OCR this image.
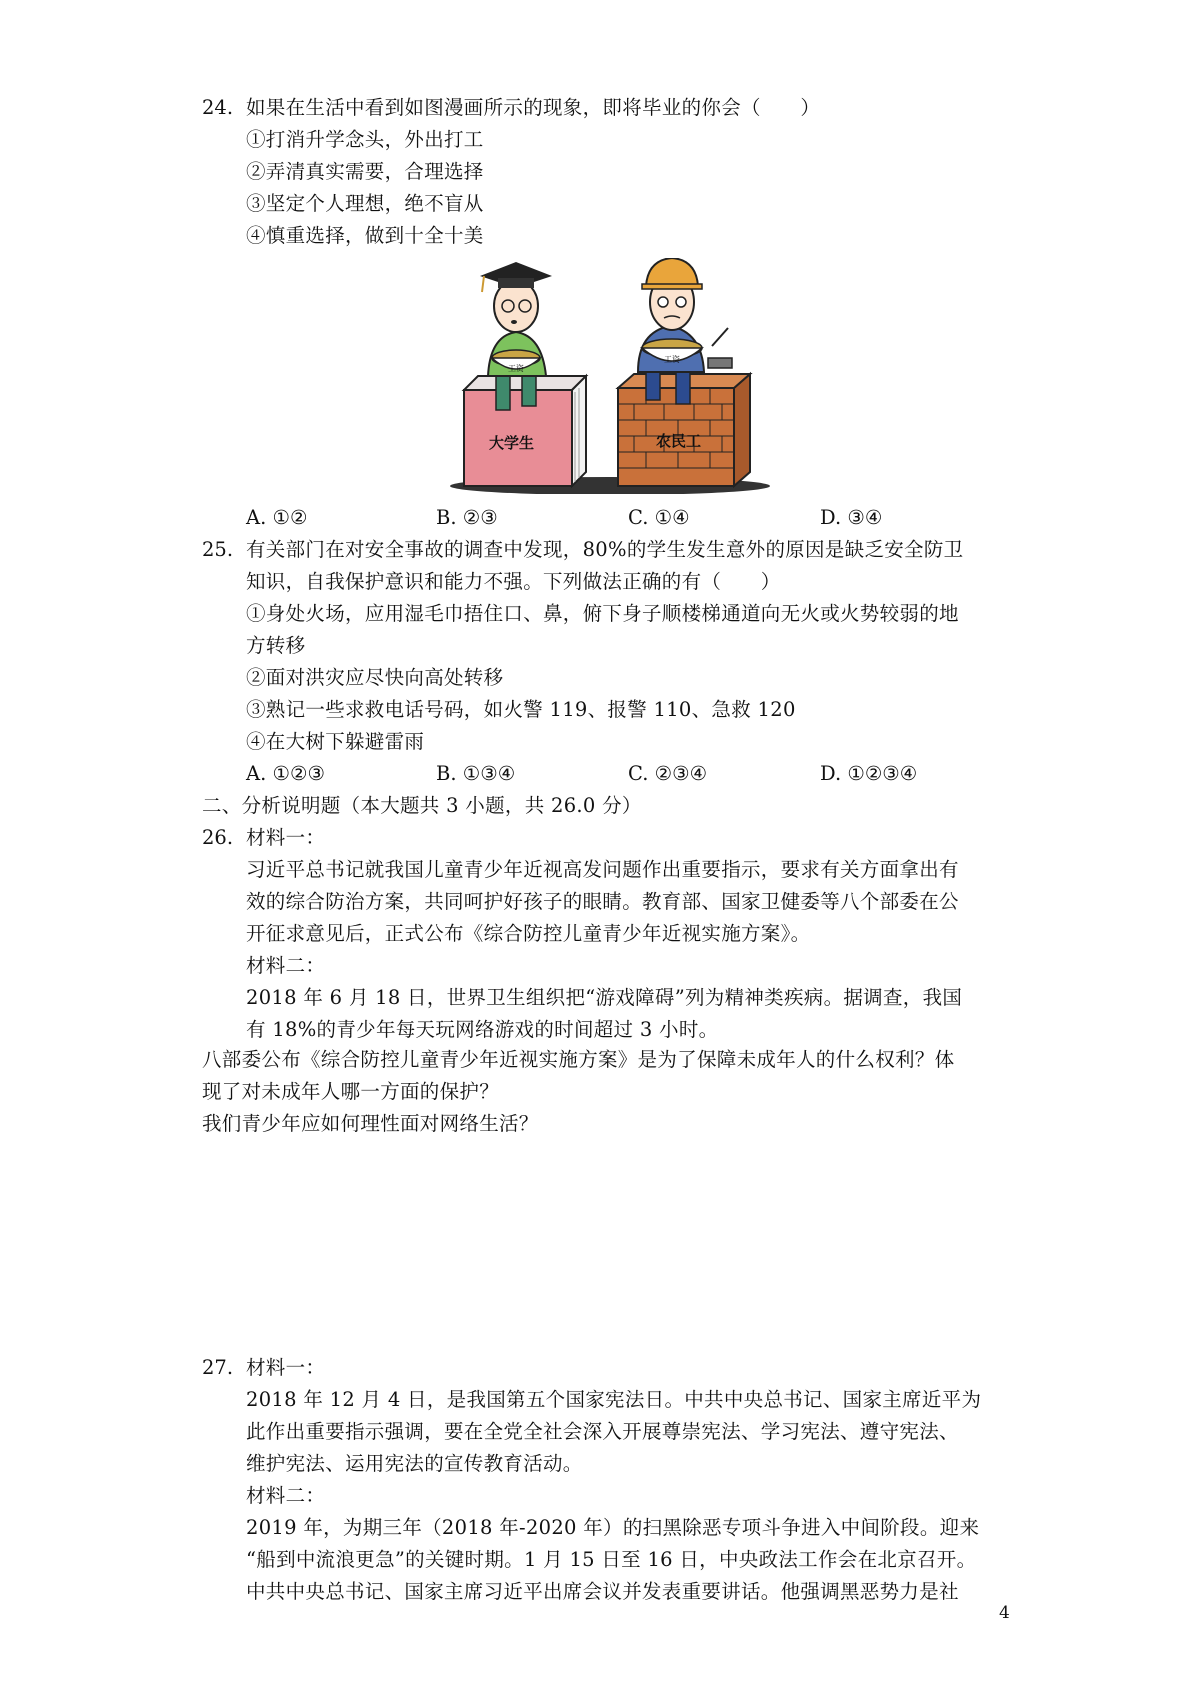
24. 如果在生活中看到如图漫画所示的现象，即将毕业的你会（　　）
①打消升学念头，外出打工
②弄清真实需要，合理选择
③坚定个人理想，绝不盲从
④慎重选择，做到十全十美
工资
大学生
工资
农民工
A. ①②	B. ②③	C. ①④	D. ③④
25. 有关部门在对安全事故的调查中发现，80%的学生发生意外的原因是缺乏安全防卫
知识，自我保护意识和能力不强。下列做法正确的有（　　）
①身处火场，应用湿毛巾捂住口、鼻，俯下身子顺楼梯通道向无火或火势较弱的地
方转移
②面对洪灾应尽快向高处转移
③熟记一些求救电话号码，如火警 119、报警 110、急救 120
④在大树下躲避雷雨
A. ①②③	B. ①③④	C. ②③④	D. ①②③④
二、分析说明题（本大题共 3 小题，共 26.0 分）
26. 材料一：
习近平总书记就我国儿童青少年近视高发问题作出重要指示，要求有关方面拿出有
效的综合防治方案，共同呵护好孩子的眼睛。教育部、国家卫健委等八个部委在公
开征求意见后，正式公布《综合防控儿童青少年近视实施方案》。
材料二：
2018 年 6 月 18 日，世界卫生组织把“游戏障碍”列为精神类疾病。据调查，我国
有 18%的青少年每天玩网络游戏的时间超过 3 小时。
八部委公布《综合防控儿童青少年近视实施方案》是为了保障未成年人的什么权利？体
现了对未成年人哪一方面的保护？
我们青少年应如何理性面对网络生活？
27. 材料一：
2018 年 12 月 4 日，是我国第五个国家宪法日。中共中央总书记、国家主席近平为
此作出重要指示强调，要在全党全社会深入开展尊崇宪法、学习宪法、遵守宪法、
维护宪法、运用宪法的宣传教育活动。
材料二：
2019 年，为期三年（2018 年-2020 年）的扫黑除恶专项斗争进入中间阶段。迎来
“船到中流浪更急”的关键时期。1 月 15 日至 16 日，中央政法工作会在北京召开。
中共中央总书记、国家主席习近平出席会议并发表重要讲话。他强调黑恶势力是社
4
